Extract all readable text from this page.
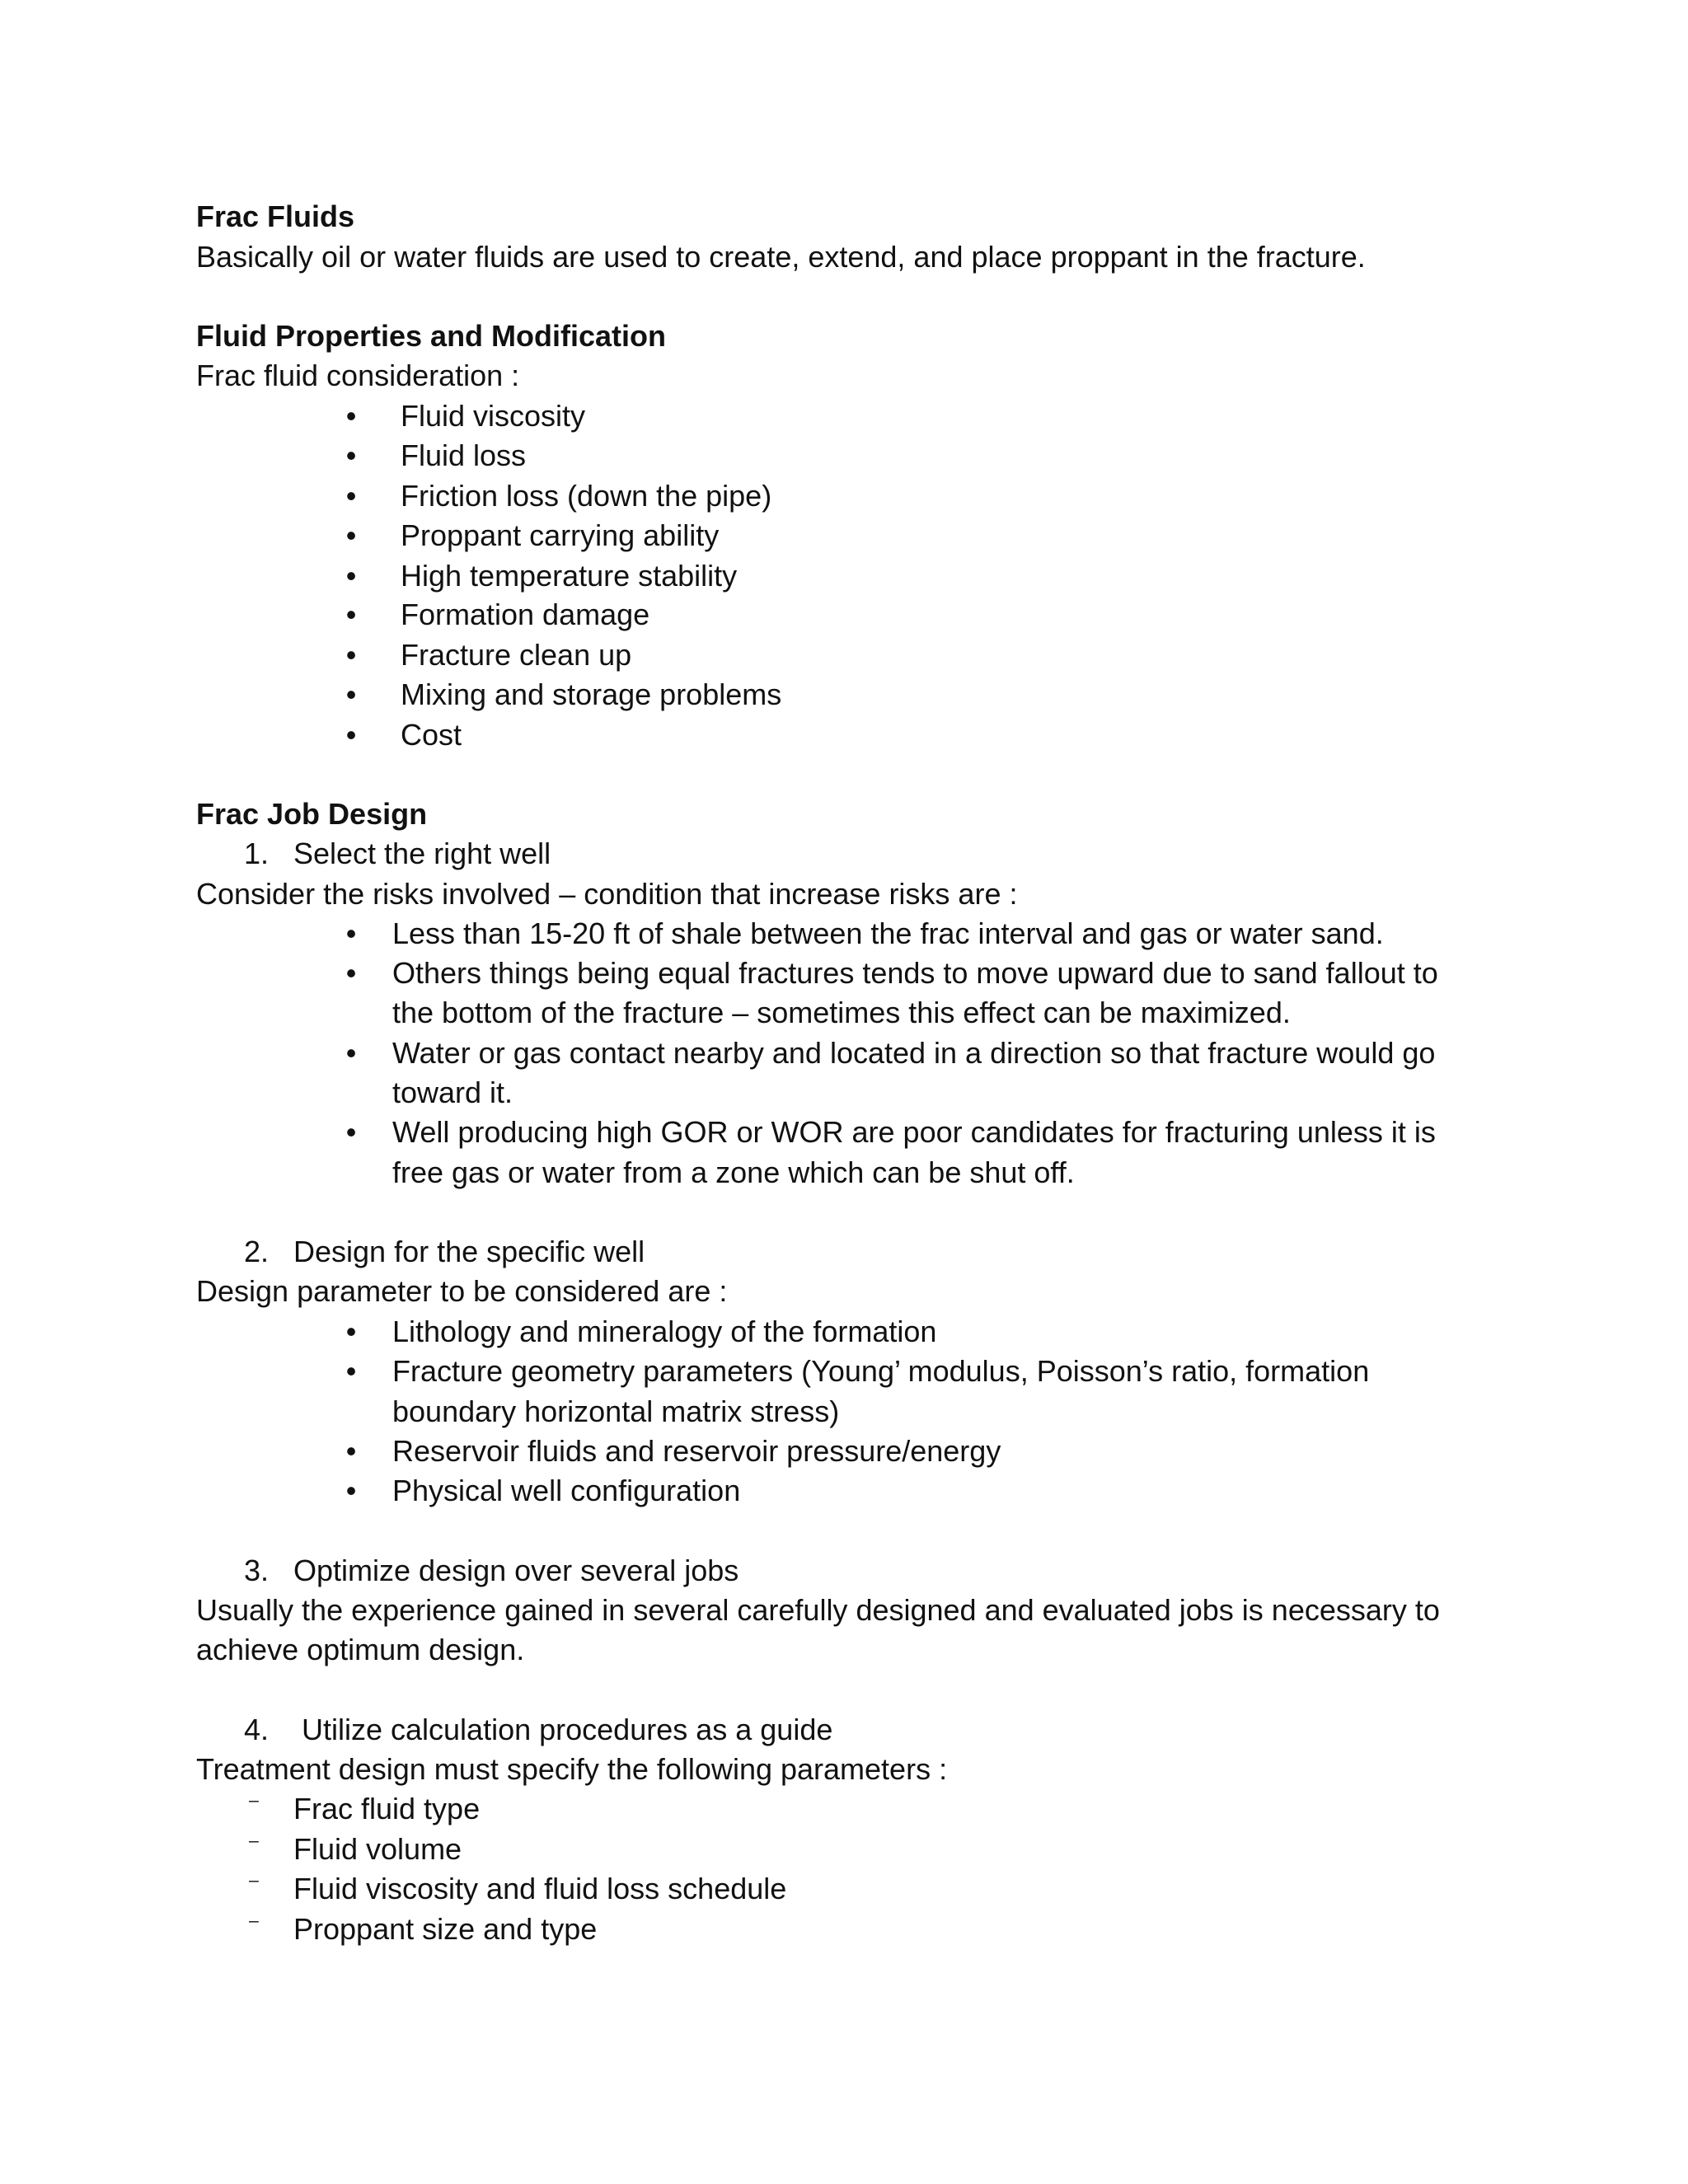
Frac Fluids
Basically oil or water fluids are used to create, extend, and place proppant in the fracture.
Fluid Properties and Modification
Frac fluid consideration :
• Fluid viscosity
• Fluid loss
• Friction loss (down the pipe)
• Proppant carrying ability
• High temperature stability
• Formation damage
• Fracture clean up
• Mixing and storage problems
• Cost
Frac Job Design
1. Select the right well
Consider the risks involved – condition that increase risks are :
• Less than 15-20 ft of shale between the frac interval and gas or water sand.
• Others things being equal fractures tends to move upward due to sand fallout to
the bottom of the fracture – sometimes this effect can be maximized.
• Water or gas contact nearby and located in a direction so that fracture would go
toward it.
• Well producing high GOR or WOR are poor candidates for fracturing unless it is
free gas or water from a zone which can be shut off.
2. Design for the specific well
Design parameter to be considered are :
• Lithology and mineralogy of the formation
• Fracture geometry parameters (Young’ modulus, Poisson’s ratio, formation
boundary horizontal matrix stress)
• Reservoir fluids and reservoir pressure/energy
• Physical well configuration
3. Optimize design over several jobs
Usually the experience gained in several carefully designed and evaluated jobs is necessary to
achieve optimum design.
4. Utilize calculation procedures as a guide
Treatment design must specify the following parameters :
⁻ Frac fluid type
⁻ Fluid volume
⁻ Fluid viscosity and fluid loss schedule
⁻ Proppant size and type
